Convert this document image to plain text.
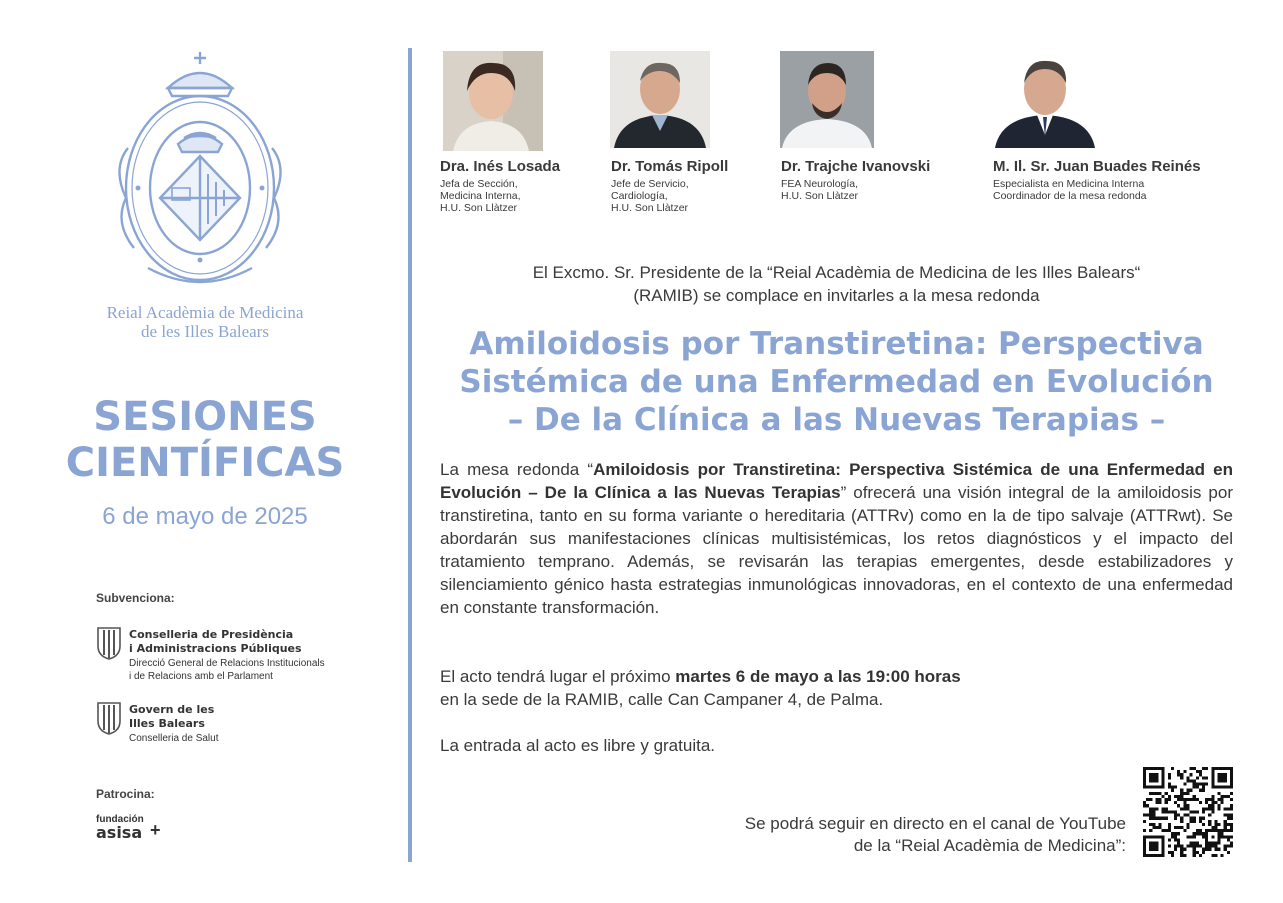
Reial Acadèmia de Medicina
de les Illes Balears
SESIONES
CIENTÍFICAS
6 de mayo de 2025
Subvenciona:
Conselleria de Presidència
i Administracions Públiques
Direcció General de Relacions Institucionals
i de Relacions amb el Parlament
Govern de les
Illes Balears
Conselleria de Salut
Patrocina:
fundación
asisa +
Dra. Inés Losada
Jefa de Sección,
Medicina Interna,
H.U. Son Llàtzer
Dr. Tomás Ripoll
Jefe de Servicio,
Cardiología,
H.U. Son Llàtzer
Dr. Trajche Ivanovski
FEA Neurología,
H.U. Son Llàtzer
M. Il. Sr. Juan Buades Reinés
Especialista en Medicina Interna
Coordinador de la mesa redonda
El Excmo. Sr. Presidente de la “Reial Acadèmia de Medicina de les Illes Balears“
(RAMIB) se complace en invitarles a la mesa redonda
Amiloidosis por Transtiretina: Perspectiva
Sistémica de una Enfermedad en Evolución
– De la Clínica a las Nuevas Terapias –
La mesa redonda “Amiloidosis por Transtiretina: Perspectiva Sistémica de una Enfermedad en Evolución – De la Clínica a las Nuevas Terapias” ofrecerá una visión integral de la amiloidosis por transtiretina, tanto en su forma variante o hereditaria (ATTRv) como en la de tipo salvaje (ATTRwt). Se abordarán sus manifestaciones clínicas multisistémicas, los retos diagnósticos y el impacto del tratamiento temprano. Además, se revisarán las terapias emergentes, desde estabilizadores y silenciamiento génico hasta estrategias inmunológicas innovadoras, en el contexto de una enfermedad en constante transformación.
El acto tendrá lugar el próximo martes 6 de mayo a las 19:00 horas
en la sede de la RAMIB, calle Can Campaner 4, de Palma.
La entrada al acto es libre y gratuita.
Se podrá seguir en directo en el canal de YouTube
de la “Reial Acadèmia de Medicina”:
